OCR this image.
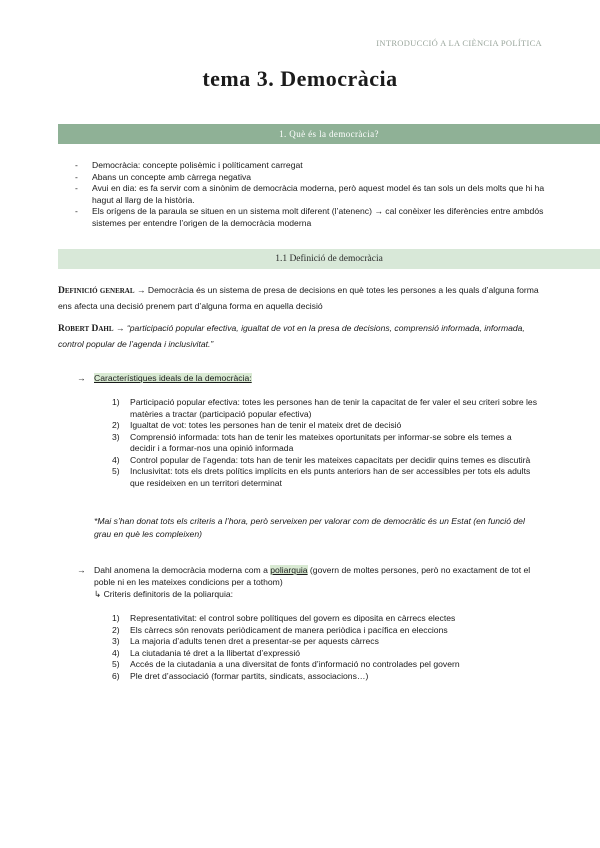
INTRODUCCIÓ A LA CIÈNCIA POLÍTICA
tema 3. Democràcia
1. Què és la democràcia?
- Democràcia: concepte polisèmic i políticament carregat
- Abans un concepte amb càrrega negativa
- Avui en dia: es fa servir com a sinònim de democràcia moderna, però aquest model és tan sols un dels molts que hi ha hagut al llarg de la història.
- Els orígens de la paraula se situen en un sistema molt diferent (l’atenenc) → cal conèixer les diferències entre ambdós sistemes per entendre l’origen de la democràcia moderna
1.1 Definició de democràcia
Definició general → Democràcia és un sistema de presa de decisions en què totes les persones a les quals d’alguna forma ens afecta una decisió prenem part d’alguna forma en aquella decisió
Robert Dahl → “participació popular efectiva, igualtat de vot en la presa de decisions, comprensió informada, informada, control popular de l’agenda i inclusivitat.”
→ Característiques ideals de la democràcia:
1) Participació popular efectiva: totes les persones han de tenir la capacitat de fer valer el seu criteri sobre les matèries a tractar (participació popular efectiva)
2) Igualtat de vot: totes les persones han de tenir el mateix dret de decisió
3) Comprensió informada: tots han de tenir les mateixes oportunitats per informar-se sobre els temes a decidir i a formar-nos una opinió informada
4) Control popular de l’agenda: tots han de tenir les mateixes capacitats per decidir quins temes es discutirà
5) Inclusivitat: tots els drets polítics implícits en els punts anteriors han de ser accessibles per tots els adults que resideixen en un territori determinat
*Mai s’han donat tots els criteris a l’hora, però serveixen per valorar com de democràtic és un Estat (en funció del grau en què les compleixen)
→ Dahl anomena la democràcia moderna com a poliarquia (govern de moltes persones, però no exactament de tot el poble ni en les mateixes condicions per a tothom)
↳ Criteris definitoris de la poliarquia:
1) Representativitat: el control sobre polítiques del govern es diposita en càrrecs electes
2) Els càrrecs són renovats periòdicament de manera periòdica i pacífica en eleccions
3) La majoria d’adults tenen dret a presentar-se per aquests càrrecs
4) La ciutadania té dret a la llibertat d’expressió
5) Accés de la ciutadania a una diversitat de fonts d’informació no controlades pel govern
6) Ple dret d’associació (formar partits, sindicats, associacions…)
